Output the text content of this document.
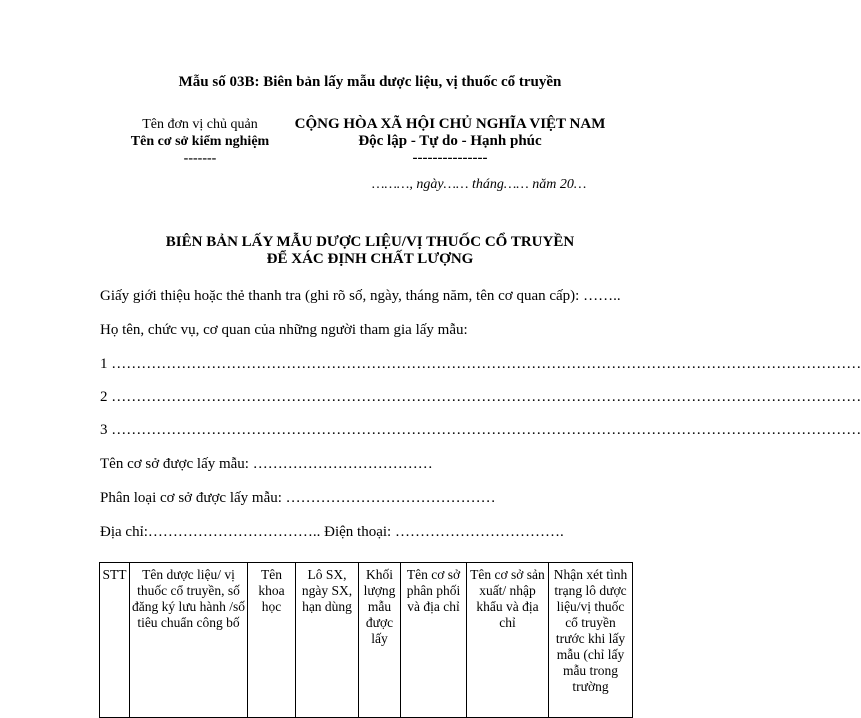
Mẫu số 03B: Biên bản lấy mẫu dược liệu, vị thuốc cổ truyền
Tên đơn vị chủ quản
Tên cơ sở kiểm nghiệm
-------
CỘNG HÒA XÃ HỘI CHỦ NGHĨA VIỆT NAM
Độc lập - Tự do - Hạnh phúc
---------------
………, ngày…… tháng…… năm 20…
BIÊN BẢN LẤY MẪU DƯỢC LIỆU/VỊ THUỐC CỔ TRUYỀN
ĐỂ XÁC ĐỊNH CHẤT LƯỢNG
Giấy giới thiệu hoặc thẻ thanh tra (ghi rõ số, ngày, tháng năm, tên cơ quan cấp): ……..
Họ tên, chức vụ, cơ quan của những người tham gia lấy mẫu:
1 ……………………………………………………………………………………………………………………………………
2 ……………………………………………………………………………………………………………………………………
3 ……………………………………………………………………………………………………………………………………
Tên cơ sở được lấy mẫu: ………………………………
Phân loại cơ sở được lấy mẫu: ……………………………………
Địa chỉ:…………………………….. Điện thoại: …………………………….
STT	Tên dược liệu/ vị thuốc cổ truyền, số đăng ký lưu hành /số tiêu chuẩn công bố	Tên khoa học	Lô SX, ngày SX, hạn dùng	Khối lượng mẫu được lấy	Tên cơ sở phân phối và địa chỉ	Tên cơ sở sản xuất/ nhập khẩu và địa chỉ	Nhận xét tình trạng lô dược liệu/vị thuốc cổ truyền trước khi lấy mẫu (chỉ lấy mẫu trong trường
